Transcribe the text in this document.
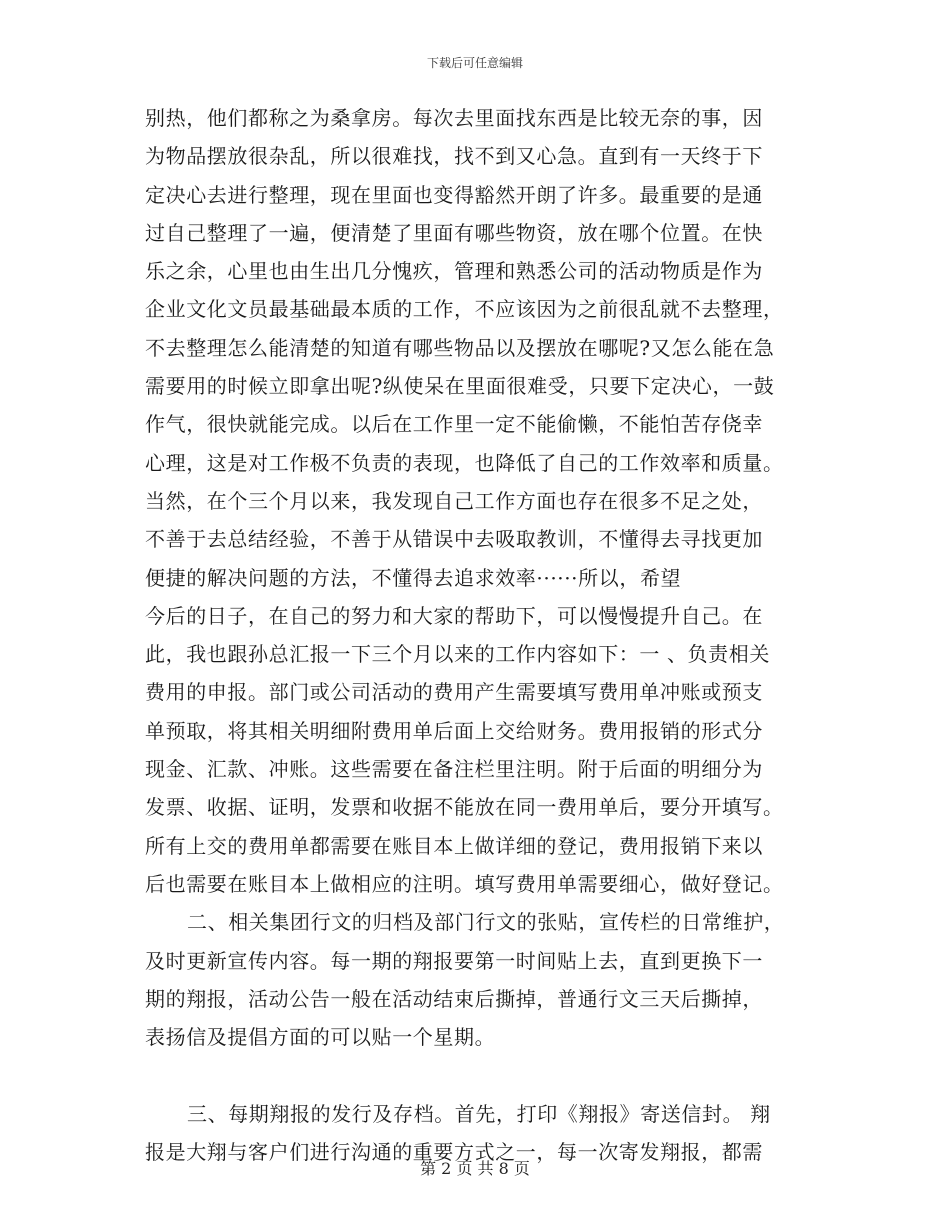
下载后可任意编辑
别热，他们都称之为桑拿房。每次去里面找东西是比较无奈的事，因
为物品摆放很杂乱，所以很难找，找不到又心急。直到有一天终于下
定决心去进行整理，现在里面也变得豁然开朗了许多。最重要的是通
过自己整理了一遍，便清楚了里面有哪些物资，放在哪个位置。在快
乐之余，心里也由生出几分愧疚，管理和熟悉公司的活动物质是作为
企业文化文员最基础最本质的工作，不应该因为之前很乱就不去整理，
不去整理怎么能清楚的知道有哪些物品以及摆放在哪呢?又怎么能在急
需要用的时候立即拿出呢?纵使呆在里面很难受，只要下定决心，一鼓
作气，很快就能完成。以后在工作里一定不能偷懒，不能怕苦存侥幸
心理，这是对工作极不负责的表现，也降低了自己的工作效率和质量。
当然，在个三个月以来，我发现自己工作方面也存在很多不足之处，
不善于去总结经验，不善于从错误中去吸取教训，不懂得去寻找更加
便捷的解决问题的方法，不懂得去追求效率······所以，希望
今后的日子，在自己的努力和大家的帮助下，可以慢慢提升自己。在
此，我也跟孙总汇报一下三个月以来的工作内容如下：一 、负责相关
费用的申报。部门或公司活动的费用产生需要填写费用单冲账或预支
单预取，将其相关明细附费用单后面上交给财务。费用报销的形式分
现金、汇款、冲账。这些需要在备注栏里注明。附于后面的明细分为
发票、收据、证明，发票和收据不能放在同一费用单后，要分开填写。
所有上交的费用单都需要在账目本上做详细的登记，费用报销下来以
后也需要在账目本上做相应的注明。填写费用单需要细心，做好登记。
二、相关集团行文的归档及部门行文的张贴，宣传栏的日常维护，
及时更新宣传内容。每一期的翔报要第一时间贴上去，直到更换下一
期的翔报，活动公告一般在活动结束后撕掉，普通行文三天后撕掉，
表扬信及提倡方面的可以贴一个星期。
三、每期翔报的发行及存档。首先，打印《翔报》寄送信封。 翔
报是大翔与客户们进行沟通的重要方式之一，每一次寄发翔报，都需
第 2 页 共 8 页
